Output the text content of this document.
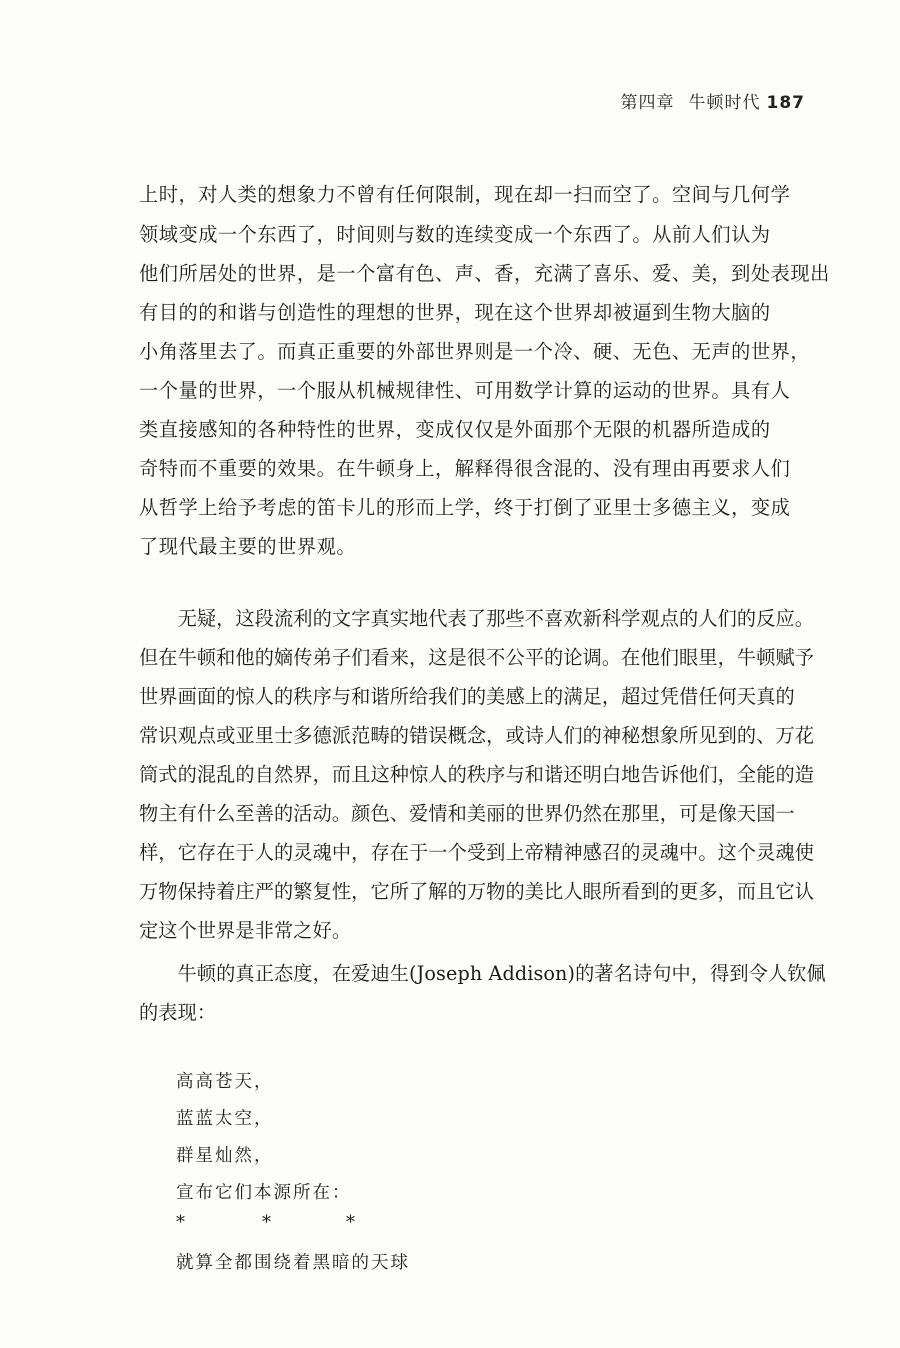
第四章 牛顿时代 187
上时，对人类的想象力不曾有任何限制，现在却一扫而空了。空间与几何学
领域变成一个东西了，时间则与数的连续变成一个东西了。从前人们认为
他们所居处的世界，是一个富有色、声、香，充满了喜乐、爱、美，到处表现出
有目的的和谐与创造性的理想的世界，现在这个世界却被逼到生物大脑的
小角落里去了。而真正重要的外部世界则是一个冷、硬、无色、无声的世界，
一个量的世界，一个服从机械规律性、可用数学计算的运动的世界。具有人
类直接感知的各种特性的世界，变成仅仅是外面那个无限的机器所造成的
奇特而不重要的效果。在牛顿身上，解释得很含混的、没有理由再要求人们
从哲学上给予考虑的笛卡儿的形而上学，终于打倒了亚里士多德主义，变成
了现代最主要的世界观。
　　无疑，这段流利的文字真实地代表了那些不喜欢新科学观点的人们的反应。
但在牛顿和他的嫡传弟子们看来，这是很不公平的论调。在他们眼里，牛顿赋予
世界画面的惊人的秩序与和谐所给我们的美感上的满足，超过凭借任何天真的
常识观点或亚里士多德派范畴的错误概念，或诗人们的神秘想象所见到的、万花
筒式的混乱的自然界，而且这种惊人的秩序与和谐还明白地告诉他们，全能的造
物主有什么至善的活动。颜色、爱情和美丽的世界仍然在那里，可是像天国一
样，它存在于人的灵魂中，存在于一个受到上帝精神感召的灵魂中。这个灵魂使
万物保持着庄严的繁复性，它所了解的万物的美比人眼所看到的更多，而且它认
定这个世界是非常之好。
　　牛顿的真正态度，在爱迪生(Joseph Addison)的著名诗句中，得到令人钦佩
的表现：
高高苍天，
蓝蓝太空，
群星灿然，
宣布它们本源所在：
*	*	*
就算全都围绕着黑暗的天球
